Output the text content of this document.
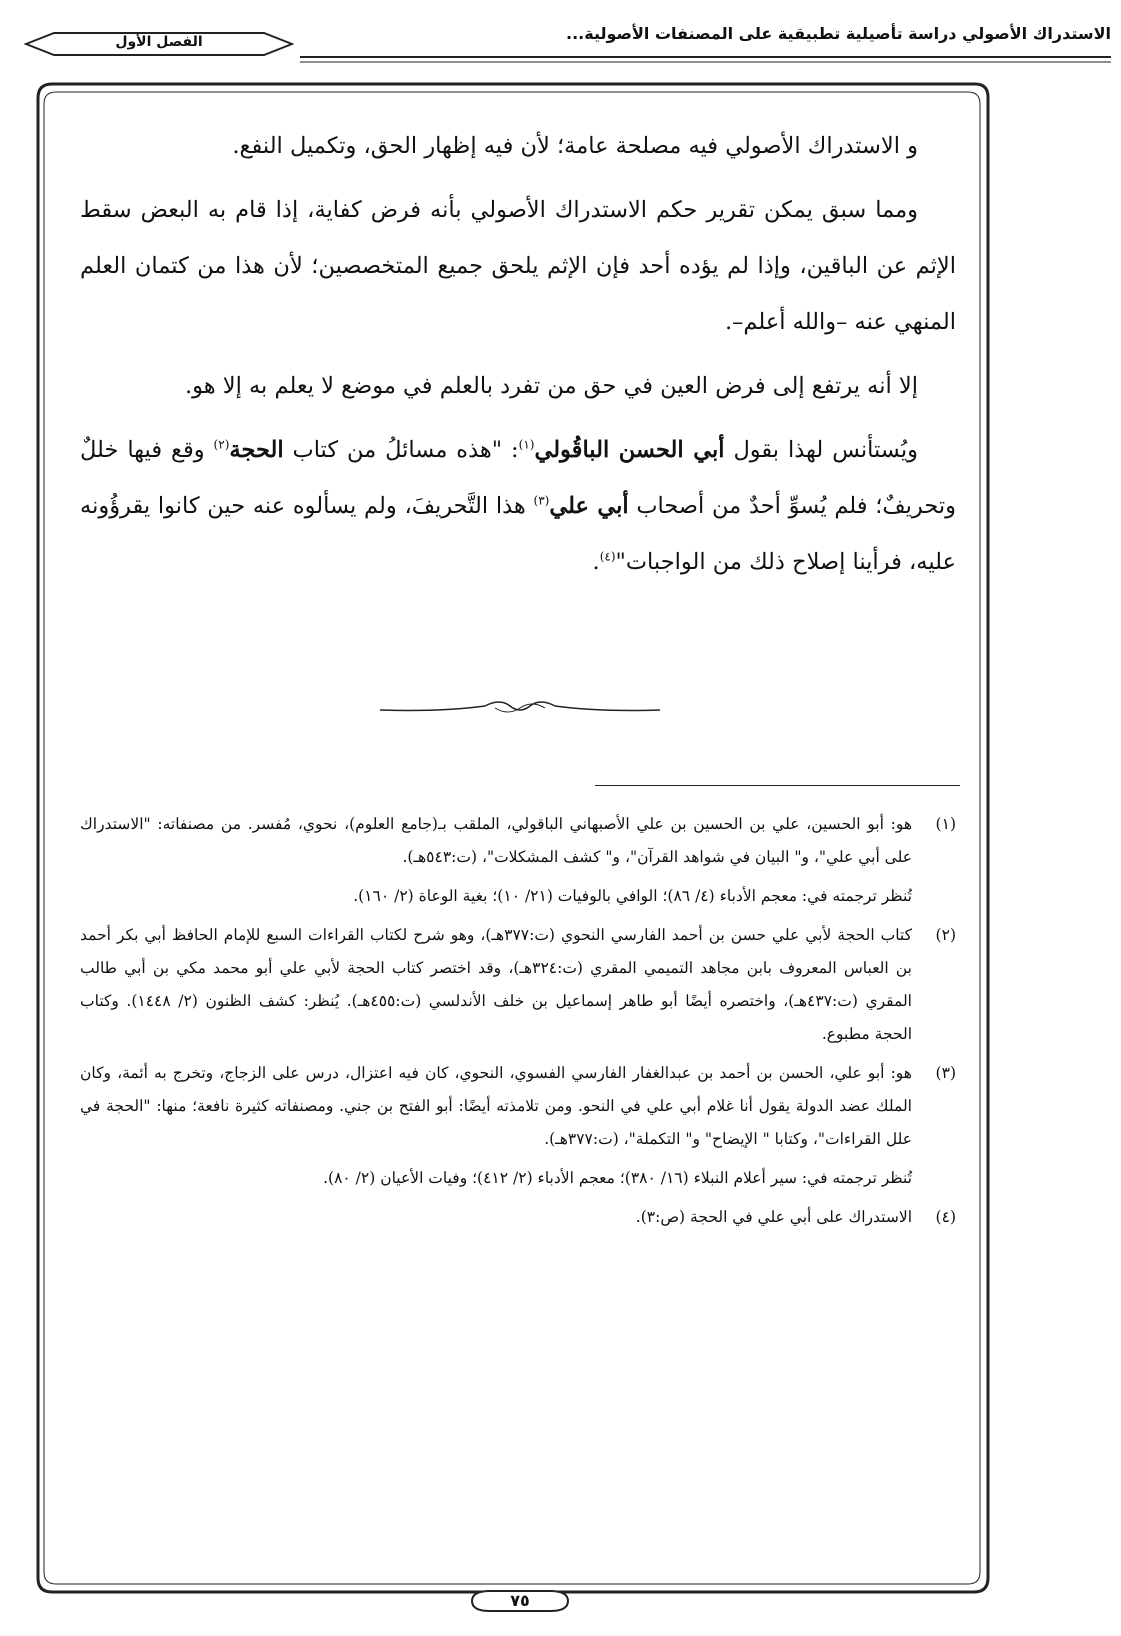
الاستدراك الأصولي دراسة تأصيلية تطبيقية على المصنفات الأصولية...
الفصل الأول

و الاستدراك الأصولي فيه مصلحة عامة؛ لأن فيه إظهار الحق، وتكميل النفع.

ومما سبق يمكن تقرير حكم الاستدراك الأصولي بأنه فرض كفاية، إذا قام به البعض سقط الإثم عن الباقين، وإذا لم يؤده أحد فإن الإثم يلحق جميع المتخصصين؛ لأن هذا من كتمان العلم المنهي عنه –والله أعلم–.

إلا أنه يرتفع إلى فرض العين في حق من تفرد بالعلم في موضع لا يعلم به إلا هو.

ويُستأنس لهذا بقول أبي الحسن الباقُولي$^{(١)}$: "هذه مسائلُ من كتاب الحجة$^{(٢)}$ وقع فيها خللٌ وتحريفٌ؛ فلم يُسوِّ أحدٌ من أصحاب أبي علي$^{(٣)}$ هذا التَّحريفَ، ولم يسألوه عنه حين كانوا يقرؤُونه عليه، فرأينا إصلاح ذلك من الواجبات"$^{(٤)}$.

(١)

هو: أبو الحسين، علي بن الحسين بن علي الأصبهاني الباقولي، الملقب بـ(جامع العلوم)، نحوي، مُفسر. من مصنفاته: "الاستدراك على أبي علي"، و" البيان في شواهد القرآن"، و" كشف المشكلات"، (ت:٥٤٣هـ).

تُنظر ترجمته في: معجم الأدباء (٤/ ٨٦)؛ الوافي بالوفيات (٢١/ ١٠)؛ بغية الوعاة (٢/ ١٦٠).

(٢)

كتاب الحجة لأبي علي حسن بن أحمد الفارسي النحوي (ت:٣٧٧هـ)، وهو شرح لكتاب القراءات السبع للإمام الحافظ أبي بكر أحمد بن العباس المعروف بابن مجاهد التميمي المقري (ت:٣٢٤هـ)، وقد اختصر كتاب الحجة لأبي علي أبو محمد مكي بن أبي طالب المقري (ت:٤٣٧هـ)، واختصره أيضًا أبو طاهر إسماعيل بن خلف الأندلسي (ت:٤٥٥هـ). يُنظر: كشف الظنون (٢/ ١٤٤٨). وكتاب الحجة مطبوع.

(٣)

هو: أبو علي، الحسن بن أحمد بن عبدالغفار الفارسي الفسوي، النحوي، كان فيه اعتزال، درس على الزجاج، وتخرج به أئمة، وكان الملك عضد الدولة يقول أنا غلام أبي علي في النحو. ومن تلامذته أيضًا: أبو الفتح بن جني. ومصنفاته كثيرة نافعة؛ منها: "الحجة في علل القراءات"، وكتابا " الإيضاح" و" التكملة"، (ت:٣٧٧هـ).

تُنظر ترجمته في: سير أعلام النبلاء (١٦/ ٣٨٠)؛ معجم الأدباء (٢/ ٤١٢)؛ وفيات الأعيان (٢/ ٨٠).

(٤)

الاستدراك على أبي علي في الحجة (ص:٣).

٧٥
